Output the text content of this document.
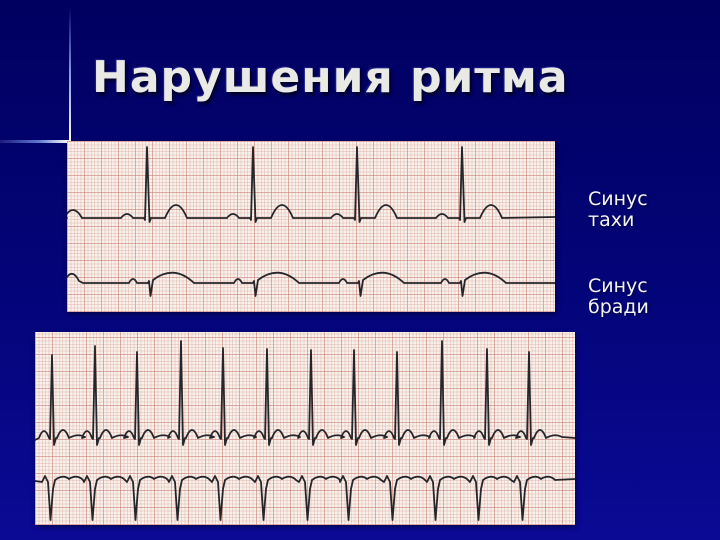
Нарушения ритма
Синус тахи
Синус бради
